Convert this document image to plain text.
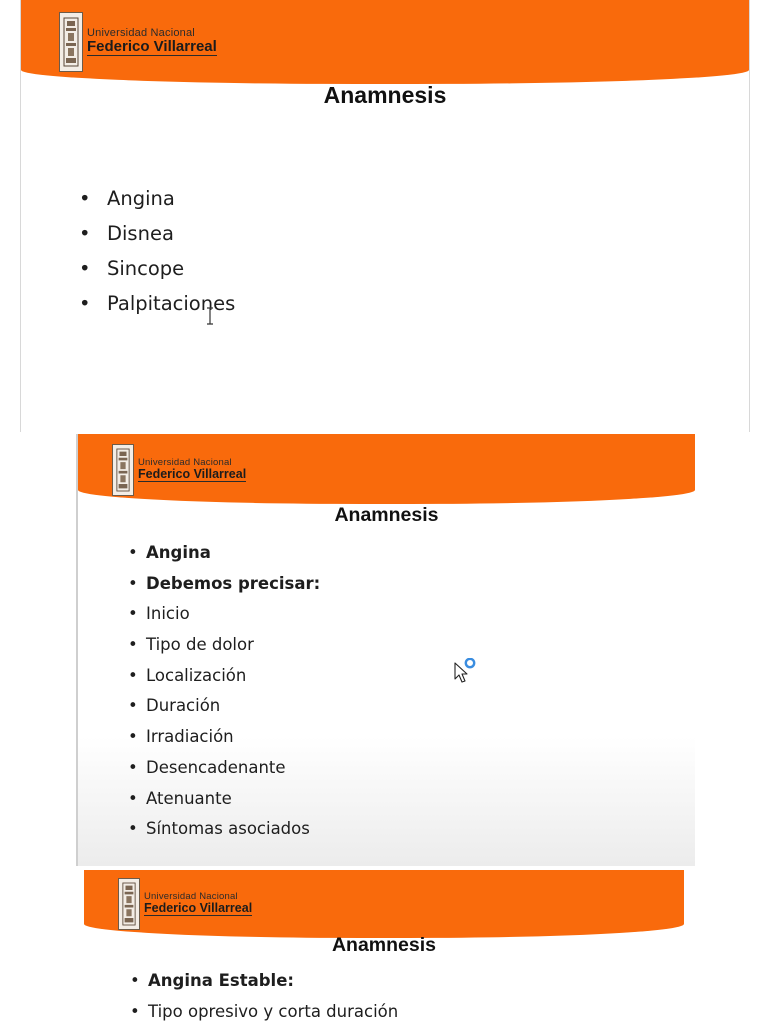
Universidad Nacional
Federico Villarreal
Anamnesis
• Angina
• Disnea
• Sincope
• Palpitaciones
Universidad Nacional
Federico Villarreal
Anamnesis
• Angina
• Debemos precisar:
• Inicio
• Tipo de dolor
• Localización
• Duración
• Irradiación
• Desencadenante
• Atenuante
• Síntomas asociados
Universidad Nacional
Federico Villarreal
Anamnesis
• Angina Estable:
• Tipo opresivo y corta duración
